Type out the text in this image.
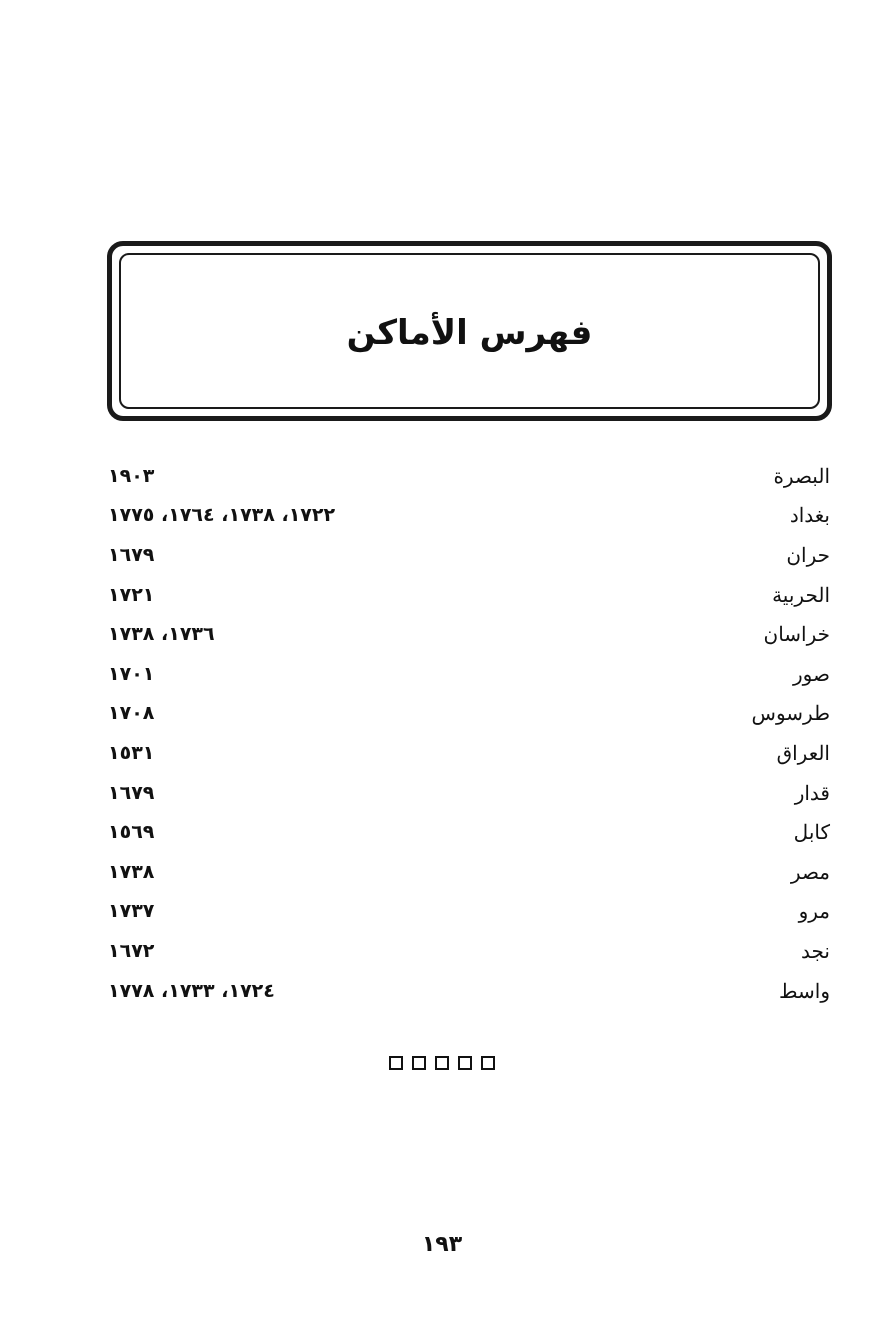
فهرس الأماكن
١٩٠٣	البصرة
١٧٢٢، ١٧٣٨، ١٧٦٤، ١٧٧٥	بغداد
١٦٧٩	حران
١٧٢١	الحربية
١٧٣٦، ١٧٣٨	خراسان
١٧٠١	صور
١٧٠٨	طرسوس
١٥٣١	العراق
١٦٧٩	قدار
١٥٦٩	كابل
١٧٣٨	مصر
١٧٣٧	مرو
١٦٧٢	نجد
١٧٢٤، ١٧٣٣، ١٧٧٨	واسط
١٩٣
